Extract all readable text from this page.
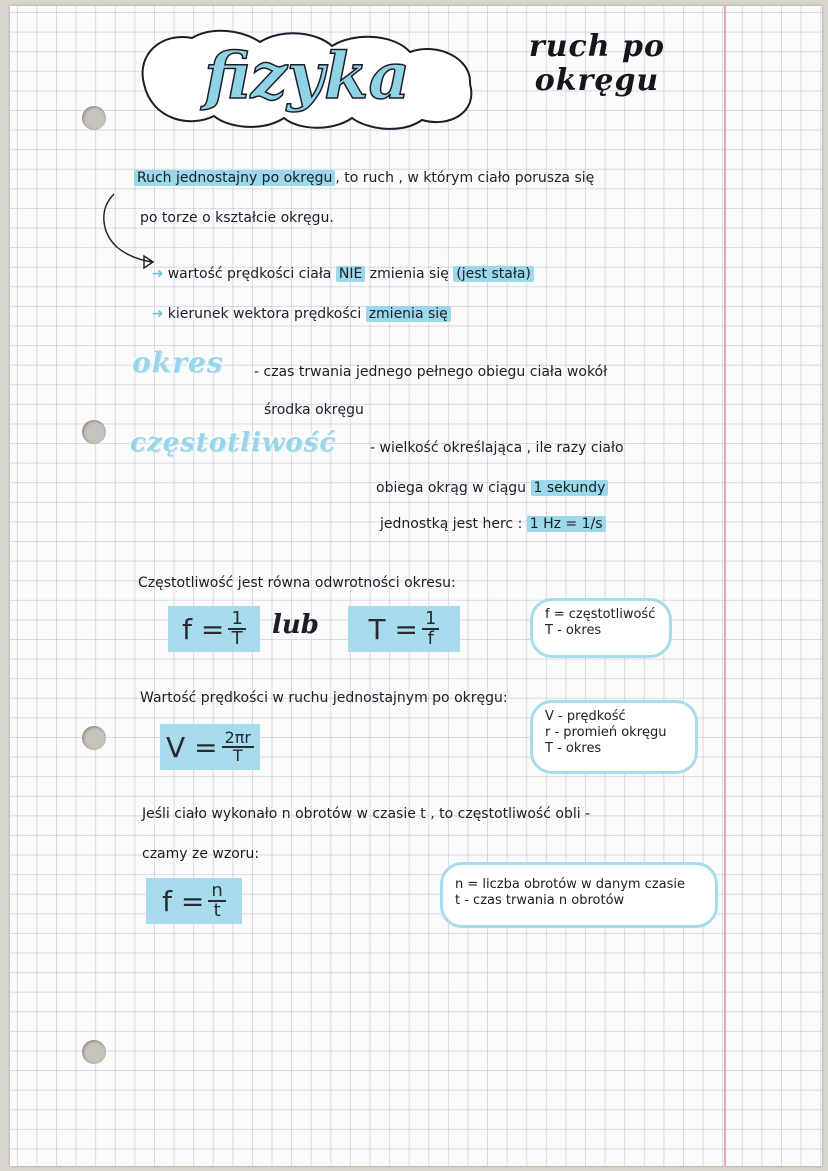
fizyka	ruch po
okręgu
Ruch jednostajny po okręgu , to ruch , w którym ciało porusza się
po torze o kształcie okręgu.
➜ wartość prędkości ciała NIE zmienia się (jest stała)
➜ kierunek wektora prędkości zmienia się
okres - czas trwania jednego pełnego obiegu ciała wokół
środka okręgu
częstotliwość - wielkość określająca , ile razy ciało
obiega okrąg w ciągu 1 sekundy
jednostką jest herc : 1 Hz = 1/s
Częstotliwość jest równa odwrotności okresu:
$f = \frac{1}{T}$ lub $T = \frac{1}{f}$	f = częstotliwość
T - okres
Wartość prędkości w ruchu jednostajnym po okręgu:
$V = \frac{2\pi r}{T}$
V - prędkość
r - promień okręgu
T - okres
Jeśli ciało wykonało n obrotów w czasie t , to częstotliwość obli -
czamy ze wzoru:
$f = \frac{n}{t}$	n = liczba obrotów w danym czasie
t - czas trwania n obrotów
